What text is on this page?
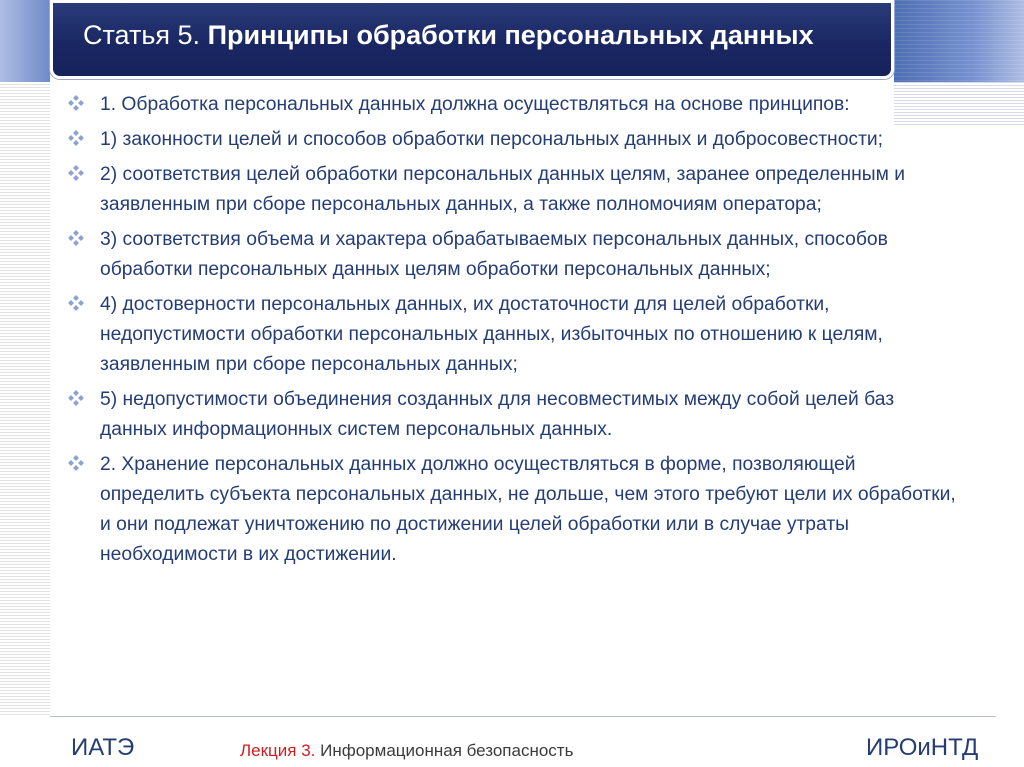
Статья 5. Принципы обработки персональных данных
1. Обработка персональных данных должна осуществляться на основе принципов:
1) законности целей и способов обработки персональных данных и добросовестности;
2) соответствия целей обработки персональных данных целям, заранее определенным и заявленным при сборе персональных данных, а также полномочиям оператора;
3) соответствия объема и характера обрабатываемых персональных данных, способов обработки персональных данных целям обработки персональных данных;
4) достоверности персональных данных, их достаточности для целей обработки, недопустимости обработки персональных данных, избыточных по отношению к целям, заявленным при сборе персональных данных;
5) недопустимости объединения созданных для несовместимых между собой целей баз данных информационных систем персональных данных.
2. Хранение персональных данных должно осуществляться в форме, позволяющей определить субъекта персональных данных, не дольше, чем этого требуют цели их обработки, и они подлежат уничтожению по достижении целей обработки или в случае утраты необходимости в их достижении.
ИАТЭ	Лекция 3. Информационная безопасность	ИРОиНТД
